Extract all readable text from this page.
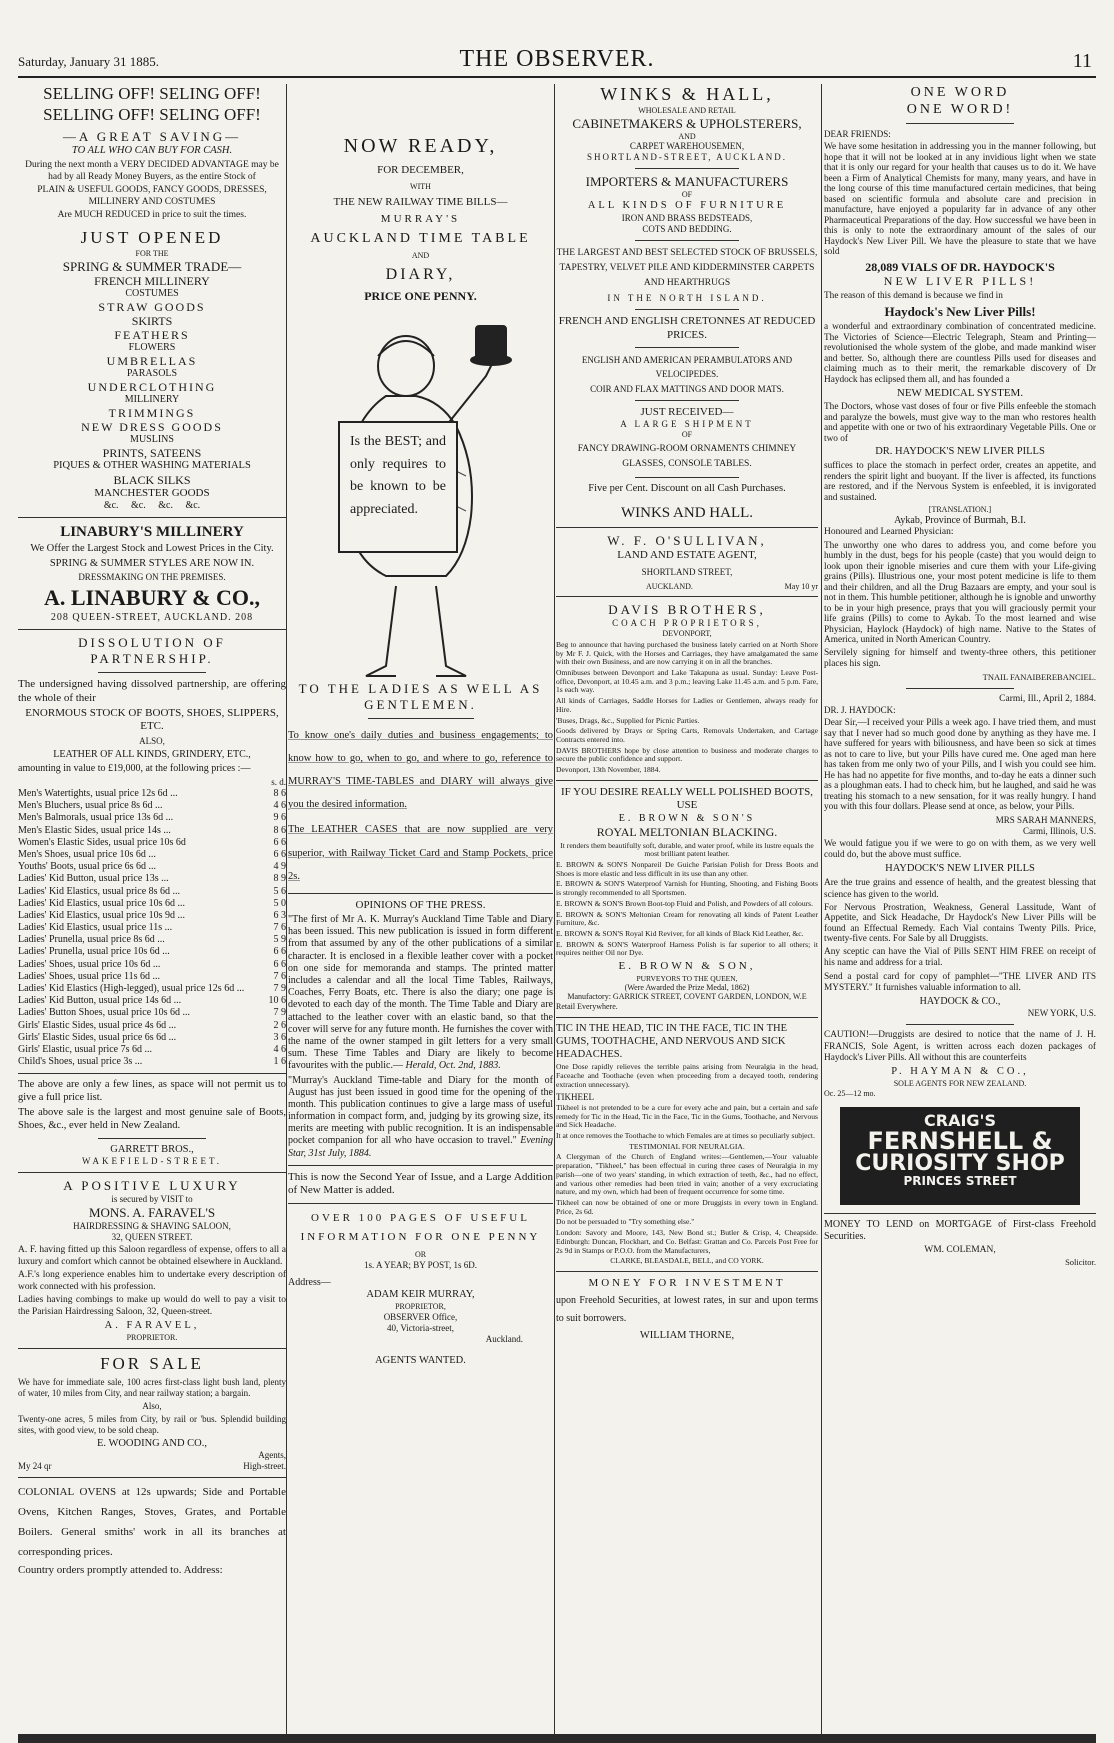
Saturday, January 31 1885.	THE OBSERVER.	11
SELLING OFF! SELING OFF!
SELLING OFF! SELING OFF!
—A GREAT SAVING—
TO ALL WHO CAN BUY FOR CASH.

During the next month a VERY DECIDED ADVANTAGE may be had by all Ready Money Buyers, as the entire Stock of

PLAIN & USEFUL GOODS, FANCY GOODS, DRESSES, MILLINERY AND COSTUMES

Are MUCH REDUCED in price to suit the times.

JUST OPENED
FOR THE
SPRING & SUMMER TRADE—
FRENCH MILLINERY
COSTUMES
STRAW GOODS
SKIRTS
FEATHERS
FLOWERS
UMBRELLAS
PARASOLS
UNDERCLOTHING
MILLINERY
TRIMMINGS
NEW DRESS GOODS
MUSLINS
PRINTS, SATEENS
PIQUES & OTHER WASHING MATERIALS
BLACK SILKS
MANCHESTER GOODS
&c.     &c.     &c.     &c.
LINABURY'S MILLINERY

We Offer the Largest Stock and Lowest Prices in the City.

SPRING & SUMMER STYLES ARE NOW IN.

DRESSMAKING ON THE PREMISES.

A. LINABURY & CO.,
208 QUEEN-STREET, AUCKLAND. 208
DISSOLUTION OF PARTNERSHIP.

The undersigned having dissolved partnership, are offering the whole of their

ENORMOUS STOCK OF BOOTS, SHOES, SLIPPERS, ETC.

ALSO,

LEATHER OF ALL KINDS, GRINDERY, ETC.,

amounting in value to £19,000, at the following prices :—

s. d.
Men's Watertights, usual price 12s 6d ...	8 6
Men's Bluchers, usual price 8s 6d ...	4 6
Men's Balmorals, usual price 13s 6d ...	9 6
Men's Elastic Sides, usual price 14s ...	8 6
Women's Elastic Sides, usual price 10s 6d	6 6
Men's Shoes, usual price 10s 6d ...	6 6
Youths' Boots, usual price 6s 6d ...	4 9
Ladies' Kid Button, usual price 13s ...	8 9
Ladies' Kid Elastics, usual price 8s 6d ...	5 6
Ladies' Kid Elastics, usual price 10s 6d ...	5 0
Ladies' Kid Elastics, usual price 10s 9d ...	6 3
Ladies' Kid Elastics, usual price 11s ...	7 6
Ladies' Prunella, usual price 8s 6d ...	5 9
Ladies' Prunella, usual price 10s 6d ...	6 6
Ladies' Shoes, usual price 10s 6d ...	6 6
Ladies' Shoes, usual price 11s 6d ...	7 6
Ladies' Kid Elastics (High-legged), usual price 12s 6d ...	7 9
Ladies' Kid Button, usual price 14s 6d ...	10 6
Ladies' Button Shoes, usual price 10s 6d ...	7 9
Girls' Elastic Sides, usual price 4s 6d ...	2 6
Girls' Elastic Sides, usual price 6s 6d ...	3 6
Girls' Elastic, usual price 7s 6d ...	4 6
Child's Shoes, usual price 3s ...	1 6

The above are only a few lines, as space will not permit us to give a full price list.

The above sale is the largest and most genuine sale of Boots, Shoes, &c., ever held in New Zealand.

GARRETT BROS.,
WAKEFIELD-STREET.
A POSITIVE LUXURY
is secured by VISIT to
MONS. A. FARAVEL'S
HAIRDRESSING & SHAVING SALOON,
32, QUEEN STREET.

A. F. having fitted up this Saloon regardless of expense, offers to all a luxury and comfort which cannot be obtained elsewhere in Auckland.

A.F.'s long experience enables him to undertake every description of work connected with his profession.

Ladies having combings to make up would do well to pay a visit to the Parisian Hairdressing Saloon, 32, Queen-street.

A. FARAVEL,
PROPRIETOR.
FOR SALE

We have for immediate sale, 100 acres first-class light bush land, plenty of water, 10 miles from City, and near railway station; a bargain.

Also,

Twenty-one acres, 5 miles from City, by rail or 'bus. Splendid building sites, with good view, to be sold cheap.

E. WOODING AND CO.,
Agents,
My 24 qr	High-street.

COLONIAL OVENS at 12s upwards; Side and Portable Ovens, Kitchen Ranges, Stoves, Grates, and Portable Boilers. General smiths' work in all its branches at corresponding prices.

Country orders promptly attended to. Address:

NOW READY,
FOR DECEMBER,
WITH
THE NEW RAILWAY TIME BILLS—
MURRAY'S
AUCKLAND TIME TABLE
AND
DIARY,
PRICE ONE PENNY.
Is the BEST; and only requires to be known to be appreciated.
TO THE LADIES AS WELL AS GENTLEMEN.

To know one's daily duties and business engagements; to know how to go, when to go, and where to go, reference to MURRAY'S TIME-TABLES and DIARY will always give you the desired information.

The LEATHER CASES that are now supplied are very superior, with Railway Ticket Card and Stamp Pockets, price 2s.

OPINIONS OF THE PRESS.

"The first of Mr A. K. Murray's Auckland Time Table and Diary has been issued. This new publication is issued in form different from that assumed by any of the other publications of a similar character. It is enclosed in a flexible leather cover with a pocket on one side for memoranda and stamps. The printed matter includes a calendar and all the local Time Tables, Railways, Coaches, Ferry Boats, etc. There is also the diary; one page is devoted to each day of the month. The Time Table and Diary are attached to the leather cover with an elastic band, so that the cover will serve for any future month. He furnishes the cover with the name of the owner stamped in gilt letters for a very small sum. These Time Tables and Diary are likely to become favourites with the public.— Herald, Oct. 2nd, 1883.

"Murray's Auckland Time-table and Diary for the month of August has just been issued in good time for the opening of the month. This publication continues to give a large mass of useful information in compact form, and, judging by its growing size, its merits are meeting with public recognition. It is an indispensable pocket companion for all who have occasion to travel." Evening Star, 31st July, 1884.

This is now the Second Year of Issue, and a Large Addition of New Matter is added.

OVER 100 PAGES OF USEFUL INFORMATION FOR ONE PENNY

OR
1s. A YEAR; BY POST, 1s 6D.
Address—
ADAM KEIR MURRAY,
PROPRIETOR,
OBSERVER Office,
40, Victoria-street,
Auckland.
AGENTS WANTED.
WINKS & HALL,
WHOLESALE AND RETAIL
CABINETMAKERS & UPHOLSTERERS,
AND
CARPET WAREHOUSEMEN,
SHORTLAND-STREET, AUCKLAND.
IMPORTERS & MANUFACTURERS
OF
ALL KINDS OF FURNITURE
IRON AND BRASS BEDSTEADS,
COTS AND BEDDING.

THE LARGEST AND BEST SELECTED STOCK OF BRUSSELS, TAPESTRY, VELVET PILE AND KIDDERMINSTER CARPETS AND HEARTHRUGS

IN THE NORTH ISLAND.

FRENCH AND ENGLISH CRETONNES AT REDUCED PRICES.

ENGLISH AND AMERICAN PERAMBULATORS AND VELOCIPEDES.

COIR AND FLAX MATTINGS AND DOOR MATS.

JUST RECEIVED—
A LARGE SHIPMENT
OF

FANCY DRAWING-ROOM ORNAMENTS CHIMNEY GLASSES, CONSOLE TABLES.

Five per Cent. Discount on all Cash Purchases.
WINKS AND HALL.
W. F. O'SULLIVAN,
LAND AND ESTATE AGENT,
SHORTLAND STREET,
AUCKLAND.	May 10 yr
DAVIS BROTHERS,
COACH PROPRIETORS,
DEVONPORT,

Beg to announce that having purchased the business lately carried on at North Shore by Mr F. J. Quick, with the Horses and Carriages, they have amalgamated the same with their own Business, and are now carrying it on in all the branches.

Omnibuses between Devonport and Lake Takapuna as usual. Sunday: Leave Post-office, Devonport, at 10.45 a.m. and 3 p.m.; leaving Lake 11.45 a.m. and 5 p.m. Fare, 1s each way.

All kinds of Carriages, Saddle Horses for Ladies or Gentlemen, always ready for Hire.

'Buses, Drags, &c., Supplied for Picnic Parties.

Goods delivered by Drays or Spring Carts, Removals Undertaken, and Cartage Contracts entered into.

DAVIS BROTHERS hope by close attention to business and moderate charges to secure the public confidence and support.

Devonport, 13th November, 1884.

IF YOU DESIRE REALLY WELL POLISHED BOOTS, USE
E. BROWN & SON'S
ROYAL MELTONIAN BLACKING.

It renders them beautifully soft, durable, and water proof, while its lustre equals the most brilliant patent leather.

E. BROWN & SON'S Nonpareil De Guiche Parisian Polish for Dress Boots and Shoes is more elastic and less difficult in its use than any other.

E. BROWN & SON'S Waterproof Varnish for Hunting, Shooting, and Fishing Boots is strongly recommended to all Sportsmen.

E. BROWN & SON'S Brown Boot-top Fluid and Polish, and Powders of all colours.

E. BROWN & SON'S Meltonian Cream for renovating all kinds of Patent Leather Furniture, &c.

E. BROWN & SON'S Royal Kid Reviver, for all kinds of Black Kid Leather, &c.

E. BROWN & SON'S Waterproof Harness Polish is far superior to all others; it requires neither Oil nor Dye.

E. BROWN & SON,
PURVEYORS TO THE QUEEN,
(Were Awarded the Prize Medal, 1862)
Manufactory: GARRICK STREET, COVENT GARDEN, LONDON, W.E
Retail Everywhere.
TIC IN THE HEAD, TIC IN THE FACE, TIC IN THE GUMS, TOOTHACHE, AND NERVOUS AND SICK HEADACHES.

One Dose rapidly relieves the terrible pains arising from Neuralgia in the head, Faceache and Toothache (even when proceeding from a decayed tooth, rendering extraction unnecessary).

TIKHEEL

Tikheel is not pretended to be a cure for every ache and pain, but a certain and safe remedy for Tic in the Head, Tic in the Face, Tic in the Gums, Toothache, and Nervous and Sick Headache.

It at once removes the Toothache to which Females are at times so peculiarly subject.

TESTIMONIAL FOR NEURALGIA.

A Clergyman of the Church of England writes:—Gentlemen,—Your valuable preparation, "Tikheel," has been effectual in curing three cases of Neuralgia in my parish—one of two years' standing, in which extraction of teeth, &c., had no effect, and various other remedies had been tried in vain; another of a very excruciating nature, and my own, which had been of frequent occurrence for some time.

Tikheel can now be obtained of one or more Druggists in every town in England. Price, 2s 6d.

Do not be persuaded to "Try something else."

London: Savory and Moore, 143, New Bond st.; Butler & Crisp, 4, Cheapside. Edinburgh: Duncan, Flockhart, and Co. Belfast: Grattan and Co. Parcels Post Free for 2s 9d in Stamps or P.O.O. from the Manufacturers,

CLARKE, BLEASDALE, BELL, and CO YORK.

MONEY FOR INVESTMENT

upon Freehold Securities, at lowest rates, in sur and upon terms to suit borrowers.

WILLIAM THORNE,
ONE WORD
ONE WORD!
DEAR FRIENDS:

We have some hesitation in addressing you in the manner following, but hope that it will not be looked at in any invidious light when we state that it is only our regard for your health that causes us to do it. We have been a Firm of Analytical Chemists for many, many years, and have in the long course of this time manufactured certain medicines, that being based on scientific formula and absolute care and precision in manufacture, have enjoyed a popularity far in advance of any other Pharmaceutical Preparations of the day. How successful we have been in this is only to note the extraordinary amount of the sales of our Haydock's New Liver Pill. We have the pleasure to state that we have sold

28,089 VIALS OF DR. HAYDOCK'S
NEW LIVER PILLS!

The reason of this demand is because we find in

Haydock's New Liver Pills!

a wonderful and extraordinary combination of concentrated medicine. The Victories of Science—Electric Telegraph, Steam and Printing—revolutionised the whole system of the globe, and made mankind wiser and better. So, although there are countless Pills used for diseases and claiming much as to their merit, the remarkable discovery of Dr Haydock has eclipsed them all, and has founded a

NEW MEDICAL SYSTEM.

The Doctors, whose vast doses of four or five Pills enfeeble the stomach and paralyze the bowels, must give way to the man who restores health and appetite with one or two of his extraordinary Vegetable Pills. One or two of

DR. HAYDOCK'S NEW LIVER PILLS

suffices to place the stomach in perfect order, creates an appetite, and renders the spirit light and buoyant. If the liver is affected, its functions are restored, and if the Nervous System is enfeebled, it is invigorated and sustained.

[TRANSLATION.]
Aykab, Province of Burmah, B.I.
Honoured and Learned Physician:

The unworthy one who dares to address you, and come before you humbly in the dust, begs for his people (caste) that you would deign to look upon their ignoble miseries and cure them with your Life-giving grains (Pills). Illustrious one, your most potent medicine is life to them and their children, and all the Drug Bazaars are empty, and your soul is not in them. This humble petitioner, although he is ignoble and unworthy to be in your high presence, prays that you will graciously permit your life grains (Pills) to come to Aykab. To the most learned and wise Physician, Haylock (Haydock) of high name. Native to the States of America, united in North American Country.

Servilely signing for himself and twenty-three others, this petitioner places his sign.

TNAIL FANAIBEREBANCIEL.
Carmi, Ill., April 2, 1884.
DR. J. HAYDOCK:

Dear Sir,—I received your Pills a week ago. I have tried them, and must say that I never had so much good done by anything as they have me. I have suffered for years with biliousness, and have been so sick at times as not to care to live, but your Pills have cured me. One aged man here has taken from me only two of your Pills, and I wish you could see him. He has had no appetite for five months, and to-day he eats a dinner such as a ploughman eats. I had to check him, but he laughed, and said he was treating his stomach to a new sensation, for it was really hungry. I hand you with this four dollars. Please send at once, as below, your Pills.

MRS SARAH MANNERS,
Carmi, Illinois, U.S.

We would fatigue you if we were to go on with them, as we very well could do, but the above must suffice.

HAYDOCK'S NEW LIVER PILLS

Are the true grains and essence of health, and the greatest blessing that science has given to the world.

For Nervous Prostration, Weakness, General Lassitude, Want of Appetite, and Sick Headache, Dr Haydock's New Liver Pills will be found an Effectual Remedy. Each Vial contains Twenty Pills. Price, twenty-five cents. For Sale by all Druggists.

Any sceptic can have the Vial of Pills SENT HIM FREE on receipt of his name and address for a trial.

Send a postal card for copy of pamphlet—"THE LIVER AND ITS MYSTERY." It furnishes valuable information to all.

HAYDOCK & CO.,
NEW YORK, U.S.

CAUTION!—Druggists are desired to notice that the name of J. H. FRANCIS, Sole Agent, is written across each dozen packages of Haydock's Liver Pills. All without this are counterfeits

P. HAYMAN & CO.,
SOLE AGENTS FOR NEW ZEALAND.
Oc. 25—12 mo.
CRAIG'S
FERNSHELL &
CURIOSITY SHOP
PRINCES STREET

MONEY TO LEND on MORTGAGE of First-class Freehold Securities.

WM. COLEMAN,
Solicitor.
